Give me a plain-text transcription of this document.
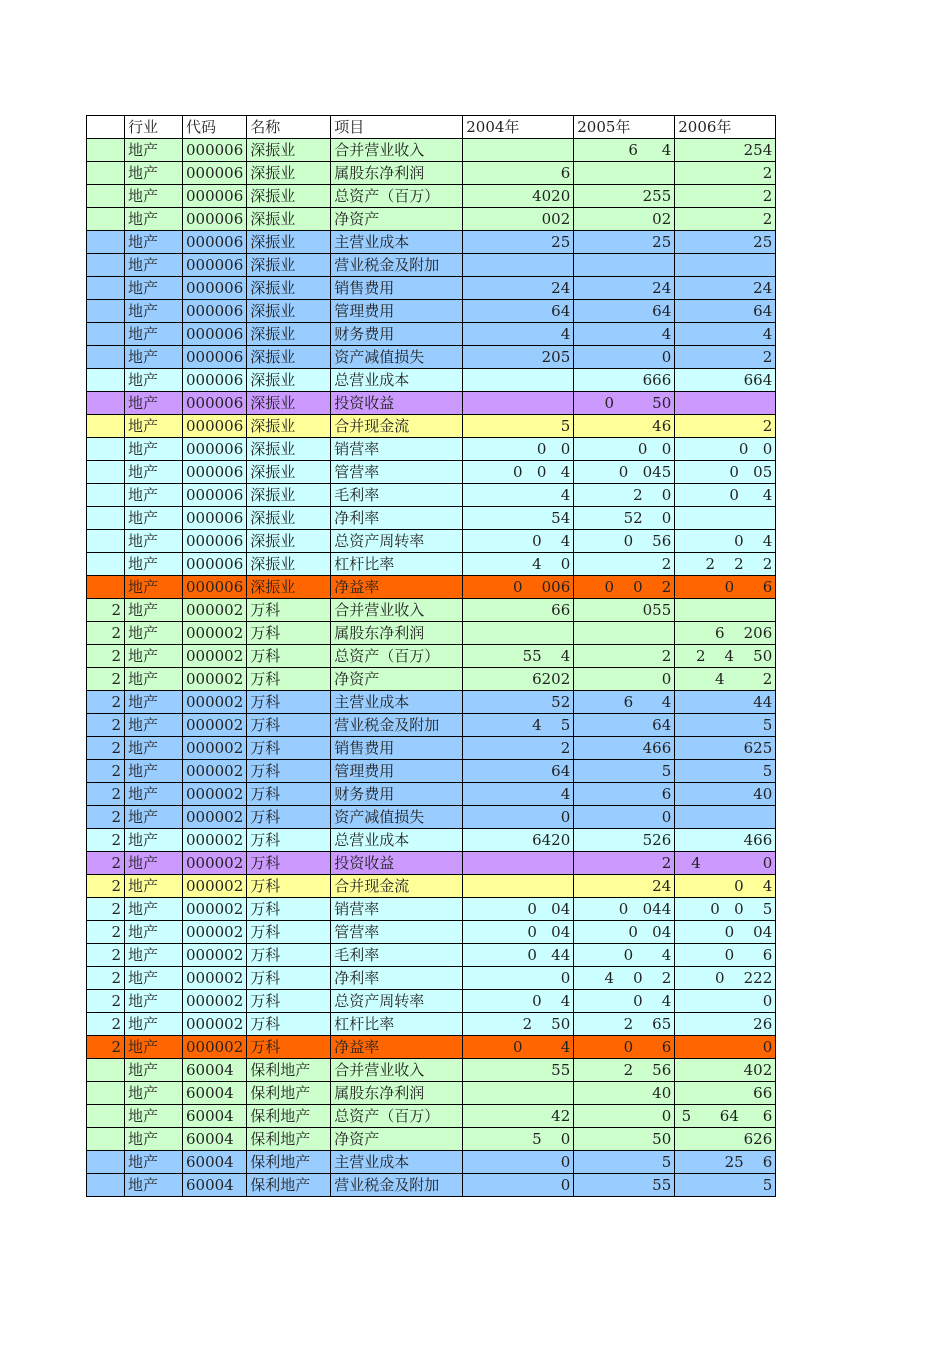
	行业	代码	名称	项目	2004年	2005年	2006年
	地产	000006	深振业	合并营业收入		6     4	254
	地产	000006	深振业	属股东净利润	6		2
	地产	000006	深振业	总资产（百万）	4020	255	2
	地产	000006	深振业	净资产	002	02	2
	地产	000006	深振业	主营业成本	25	25	25
	地产	000006	深振业	营业税金及附加			
	地产	000006	深振业	销售费用	24	24	24
	地产	000006	深振业	管理费用	64	64	64
	地产	000006	深振业	财务费用	4	4	4
	地产	000006	深振业	资产减值损失	205	0	2
	地产	000006	深振业	总营业成本		666	664
	地产	000006	深振业	投资收益		0        50	
	地产	000006	深振业	合并现金流	5	46	2
	地产	000006	深振业	销营率	0   0	0   0	0   0
	地产	000006	深振业	管营率	0   0   4	0   045	0   05
	地产	000006	深振业	毛利率	4	2    0	0     4
	地产	000006	深振业	净利率	54	52    0	
	地产	000006	深振业	总资产周转率	0    4	0    56	0    4
	地产	000006	深振业	杠杆比率	4    0	2	2    2    2
	地产	000006	深振业	净益率	0    006	0    0    2	0      6
2	地产	000002	万科	合并营业收入	66	055	
2	地产	000002	万科	属股东净利润			6    206
2	地产	000002	万科	总资产（百万）	55    4	2	2    4    50
2	地产	000002	万科	净资产	6202	0	4        2
2	地产	000002	万科	主营业成本	52	6      4	44
2	地产	000002	万科	营业税金及附加	4    5	64	5
2	地产	000002	万科	销售费用	2	466	625
2	地产	000002	万科	管理费用	64	5	5
2	地产	000002	万科	财务费用	4	6	40
2	地产	000002	万科	资产减值损失	0	0	
2	地产	000002	万科	总营业成本	6420	526	466
2	地产	000002	万科	投资收益		2	4             0
2	地产	000002	万科	合并现金流		24	0    4
2	地产	000002	万科	销营率	0   04	0   044	0   0    5
2	地产	000002	万科	管营率	0   04	0   04	0    04
2	地产	000002	万科	毛利率	0   44	0      4	0      6
2	地产	000002	万科	净利率	0	4    0    2	0    222
2	地产	000002	万科	总资产周转率	0    4	0    4	0
2	地产	000002	万科	杠杆比率	2    50	2    65	26
2	地产	000002	万科	净益率	0        4	0      6	0
	地产	60004	保利地产	合并营业收入	55	2    56	402
	地产	60004	保利地产	属股东净利润		40	66
	地产	60004	保利地产	总资产（百万）	42	0	5      64     6
	地产	60004	保利地产	净资产	5    0	50	626
	地产	60004	保利地产	主营业成本	0	5	25    6
	地产	60004	保利地产	营业税金及附加	0	55	5
